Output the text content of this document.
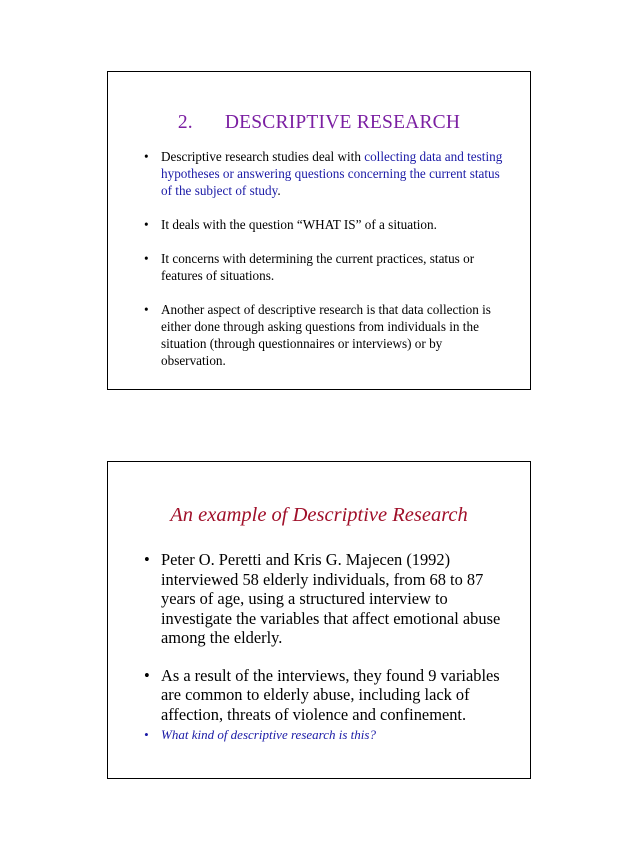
2. DESCRIPTIVE RESEARCH
• Descriptive research studies deal with collecting data and testing hypotheses or answering questions concerning the current status of the subject of study.
• It deals with the question “WHAT IS” of a situation.
• It concerns with determining the current practices, status or features of situations.
• Another aspect of descriptive research is that data collection is either done through asking questions from individuals in the situation (through questionnaires or interviews) or by observation.
An example of Descriptive Research
• Peter O. Peretti and Kris G. Majecen (1992) interviewed 58 elderly individuals, from 68 to 87 years of age, using a structured interview to investigate the variables that affect emotional abuse among the elderly.
• As a result of the interviews, they found 9 variables are common to elderly abuse, including lack of affection, threats of violence and confinement.
• What kind of descriptive research is this?
